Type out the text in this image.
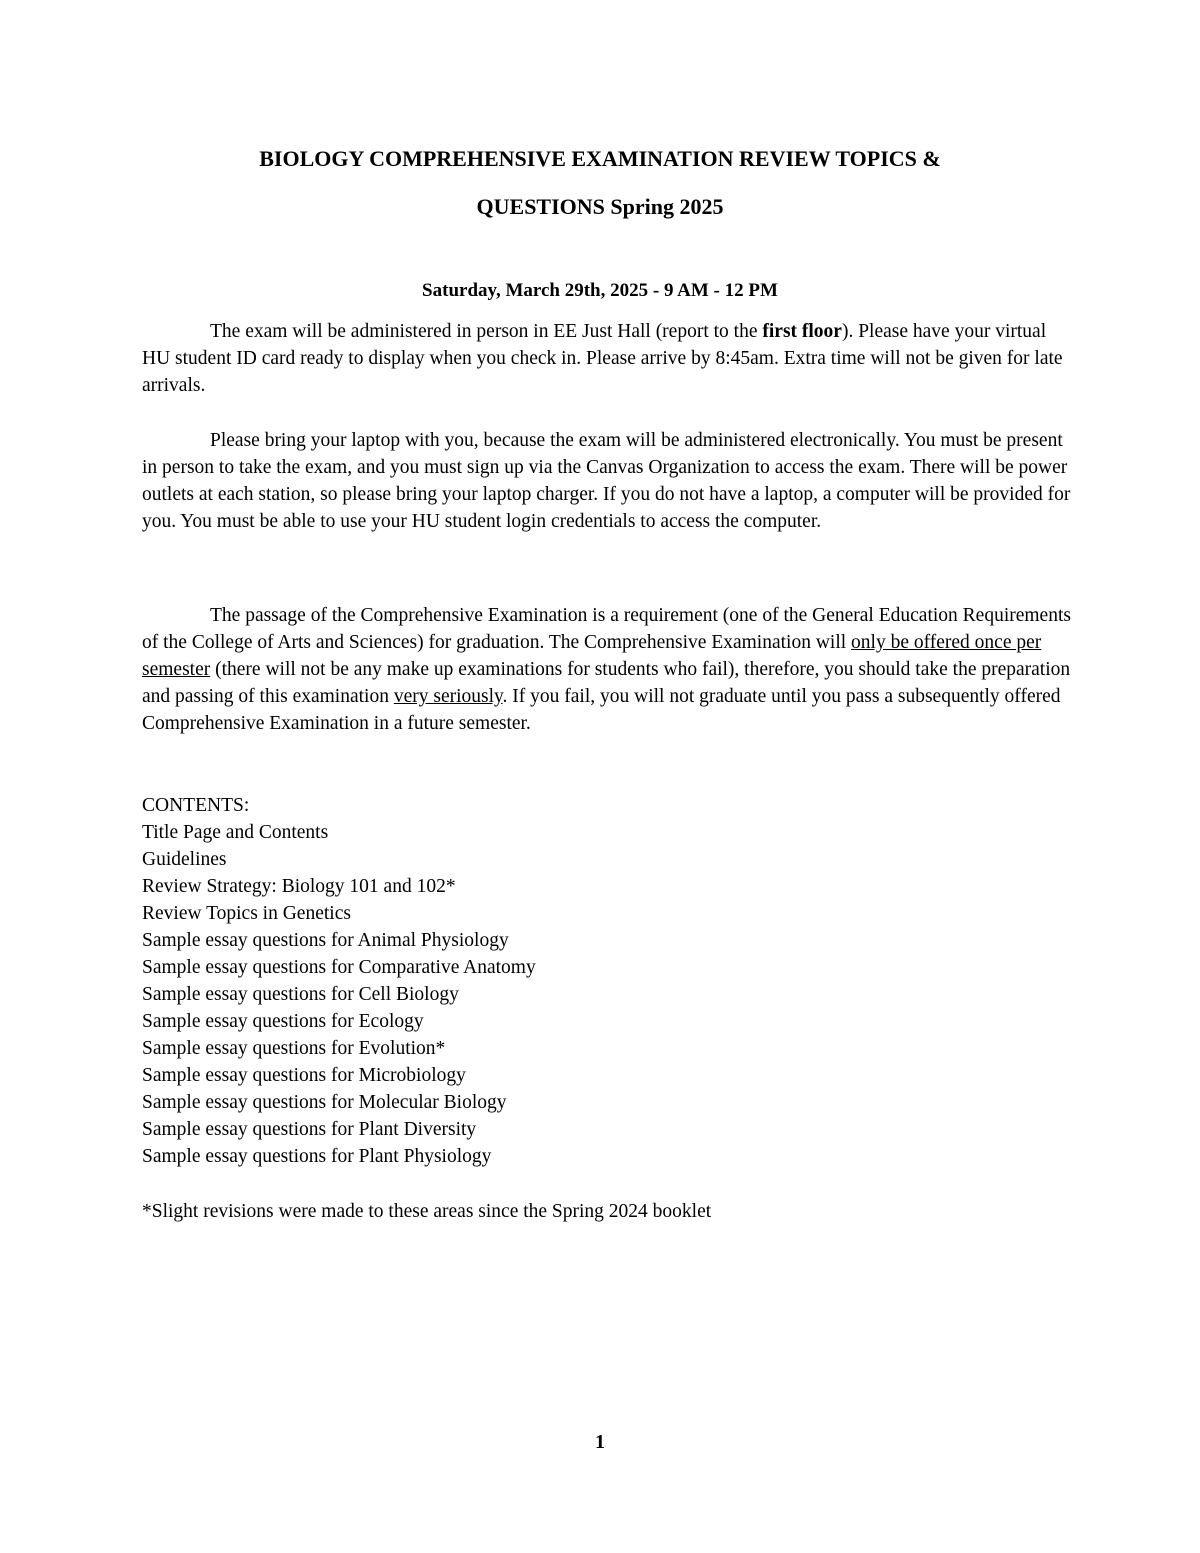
BIOLOGY COMPREHENSIVE EXAMINATION REVIEW TOPICS &
QUESTIONS Spring 2025
Saturday, March 29th, 2025 - 9 AM - 12 PM

The exam will be administered in person in EE Just Hall (report to the first floor). Please have your virtual HU student ID card ready to display when you check in. Please arrive by 8:45am. Extra time will not be given for late arrivals.

Please bring your laptop with you, because the exam will be administered electronically. You must be present in person to take the exam, and you must sign up via the Canvas Organization to access the exam. There will be power outlets at each station, so please bring your laptop charger. If you do not have a laptop, a computer will be provided for you. You must be able to use your HU student login credentials to access the computer.

The passage of the Comprehensive Examination is a requirement (one of the General Education Requirements of the College of Arts and Sciences) for graduation. The Comprehensive Examination will only be offered once per semester (there will not be any make up examinations for students who fail), therefore, you should take the preparation and passing of this examination very seriously. If you fail, you will not graduate until you pass a subsequently offered Comprehensive Examination in a future semester.

CONTENTS:
Title Page and Contents
Guidelines
Review Strategy: Biology 101 and 102*
Review Topics in Genetics
Sample essay questions for Animal Physiology
Sample essay questions for Comparative Anatomy
Sample essay questions for Cell Biology
Sample essay questions for Ecology
Sample essay questions for Evolution*
Sample essay questions for Microbiology
Sample essay questions for Molecular Biology
Sample essay questions for Plant Diversity
Sample essay questions for Plant Physiology
*Slight revisions were made to these areas since the Spring 2024 booklet
1
